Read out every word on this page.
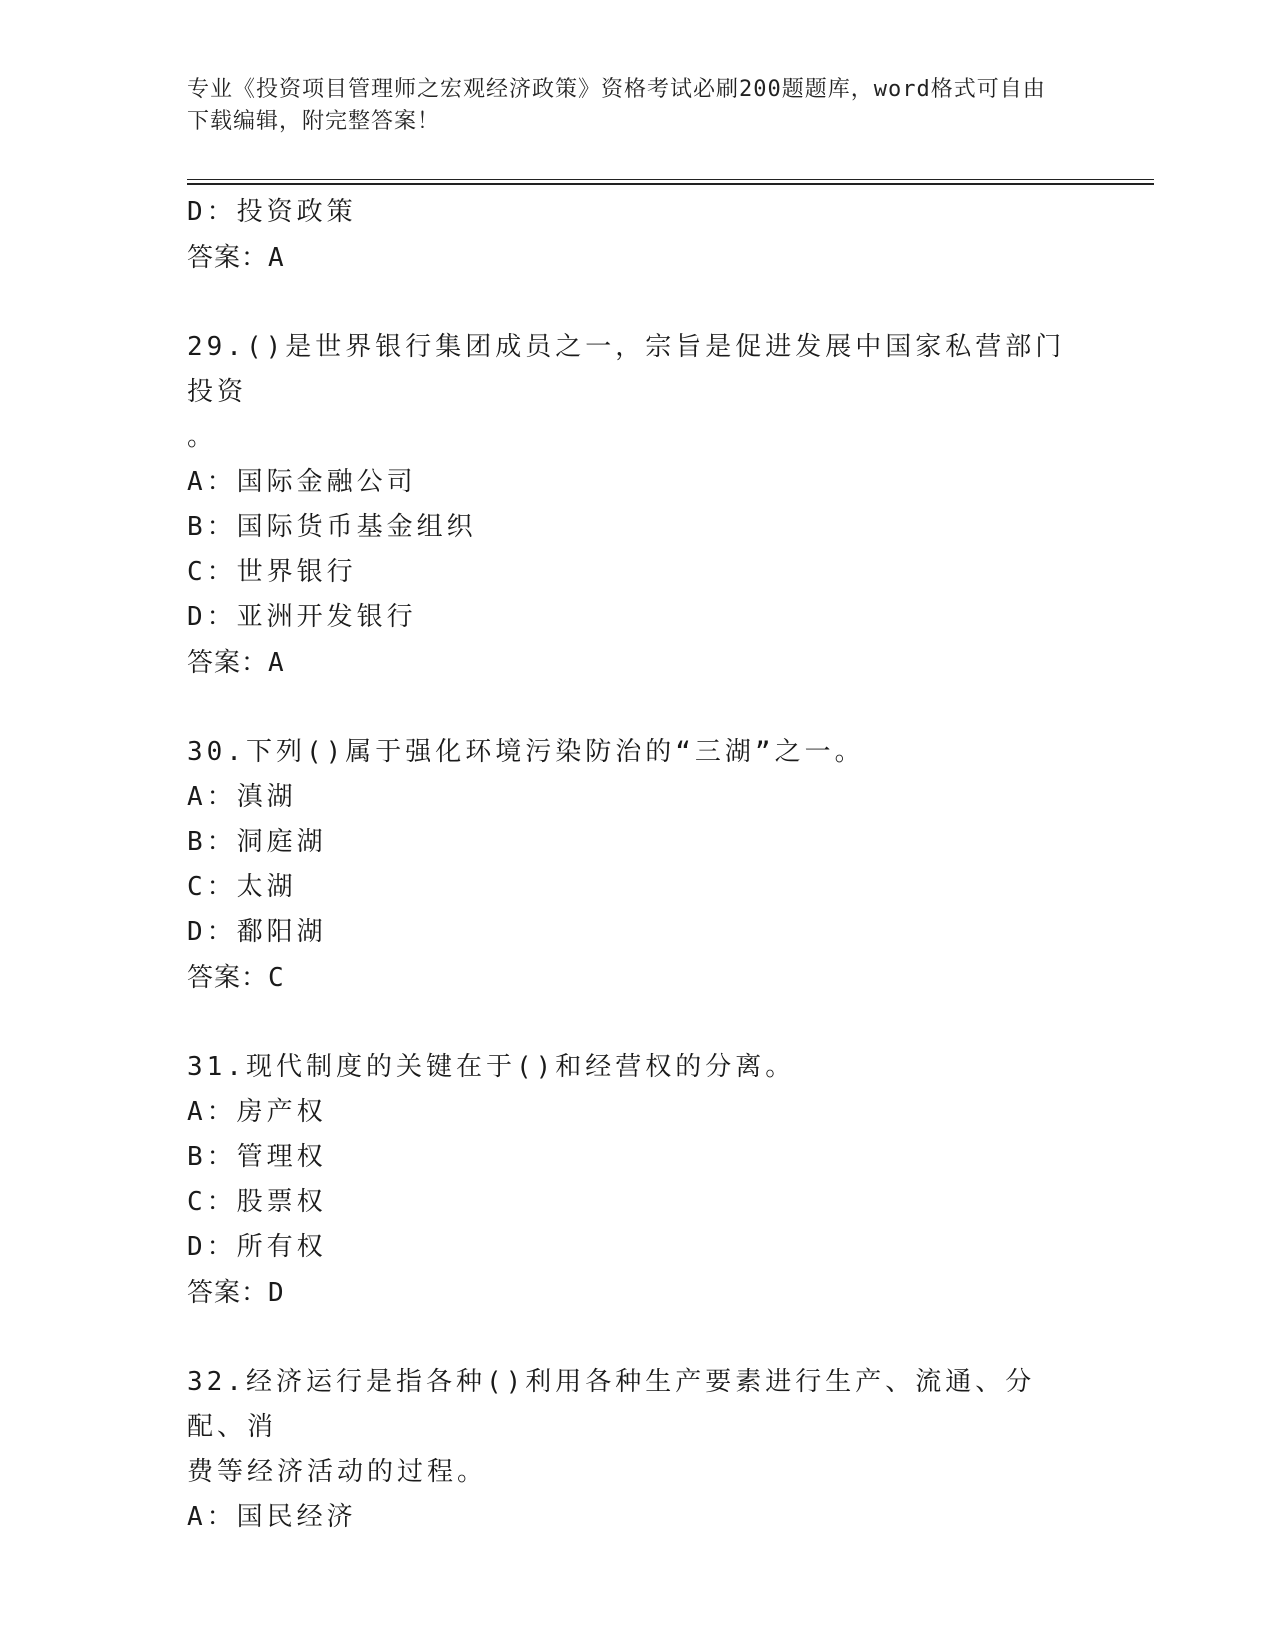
专业《投资项目管理师之宏观经济政策》资格考试必刷200题题库，word格式可自由下载编辑，附完整答案！
D：投资政策
答案：A
29.()是世界银行集团成员之一，宗旨是促进发展中国家私营部门投资
。
A：国际金融公司
B：国际货币基金组织
C：世界银行
D：亚洲开发银行
答案：A
30.下列()属于强化环境污染防治的“三湖”之一。
A：滇湖
B：洞庭湖
C：太湖
D：鄱阳湖
答案：C
31.现代制度的关键在于()和经营权的分离。
A：房产权
B：管理权
C：股票权
D：所有权
答案：D
32.经济运行是指各种()利用各种生产要素进行生产、流通、分配、消
费等经济活动的过程。
A：国民经济
